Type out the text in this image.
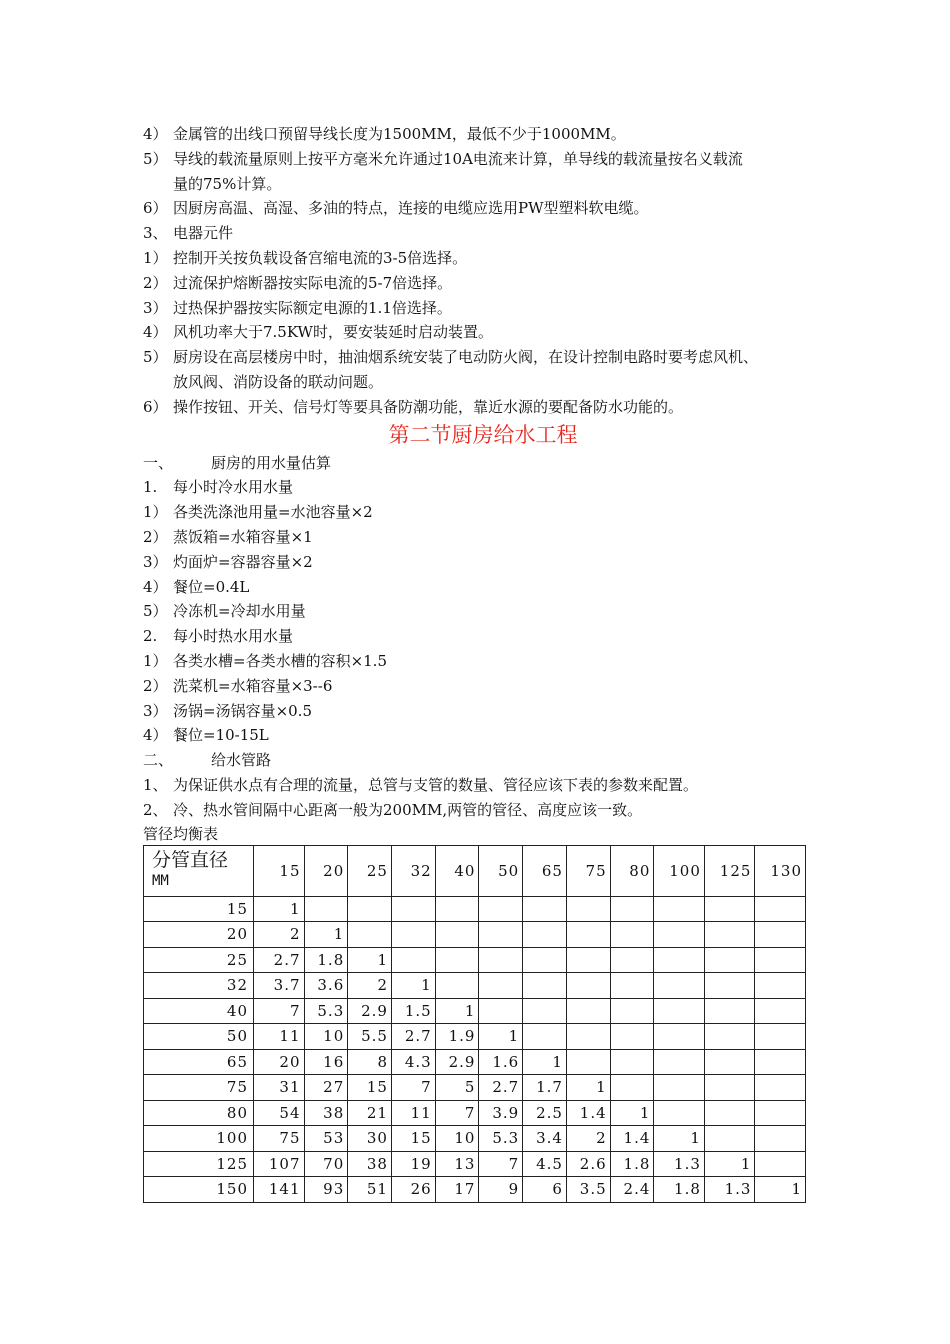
4） 金属管的出线口预留导线长度为1500MM，最低不少于1000MM。
5） 导线的载流量原则上按平方毫米允许通过10A电流来计算，单导线的载流量按名义载流
量的75%计算。
6） 因厨房高温、高湿、多油的特点，连接的电缆应选用PW型塑料软电缆。
3、 电器元件
1） 控制开关按负载设备宫缩电流的3-5倍选择。
2） 过流保护熔断器按实际电流的5-7倍选择。
3） 过热保护器按实际额定电源的1.1倍选择。
4） 风机功率大于7.5KW时，要安装延时启动装置。
5） 厨房设在高层楼房中时，抽油烟系统安装了电动防火阀，在设计控制电路时要考虑风机、
放风阀、消防设备的联动问题。
6） 操作按钮、开关、信号灯等要具备防潮功能，靠近水源的要配备防水功能的。
第二节厨房给水工程
一、	厨房的用水量估算
1. 每小时冷水用水量
1） 各类洗涤池用量=水池容量×2
2） 蒸饭箱=水箱容量×1
3） 灼面炉=容器容量×2
4） 餐位=0.4L
5） 冷冻机=冷却水用量
2. 每小时热水用水量
1） 各类水槽=各类水槽的容积×1.5
2） 洗菜机=水箱容量×3--6
3） 汤锅=汤锅容量×0.5
4） 餐位=10-15L
二、	给水管路
1、 为保证供水点有合理的流量，总管与支管的数量、管径应该下表的参数来配置。
2、 冷、热水管间隔中心距离一般为200MM,两管的管径、高度应该一致。
管径均衡表
分管直径
MM	15	20	25	32	40	50	65	75	80	100	125	130
15	1											
20	2	1										
25	2.7	1.8	1									
32	3.7	3.6	2	1								
40	7	5.3	2.9	1.5	1							
50	11	10	5.5	2.7	1.9	1						
65	20	16	8	4.3	2.9	1.6	1					
75	31	27	15	7	5	2.7	1.7	1				
80	54	38	21	11	7	3.9	2.5	1.4	1			
100	75	53	30	15	10	5.3	3.4	2	1.4	1		
125	107	70	38	19	13	7	4.5	2.6	1.8	1.3	1	
150	141	93	51	26	17	9	6	3.5	2.4	1.8	1.3	1
